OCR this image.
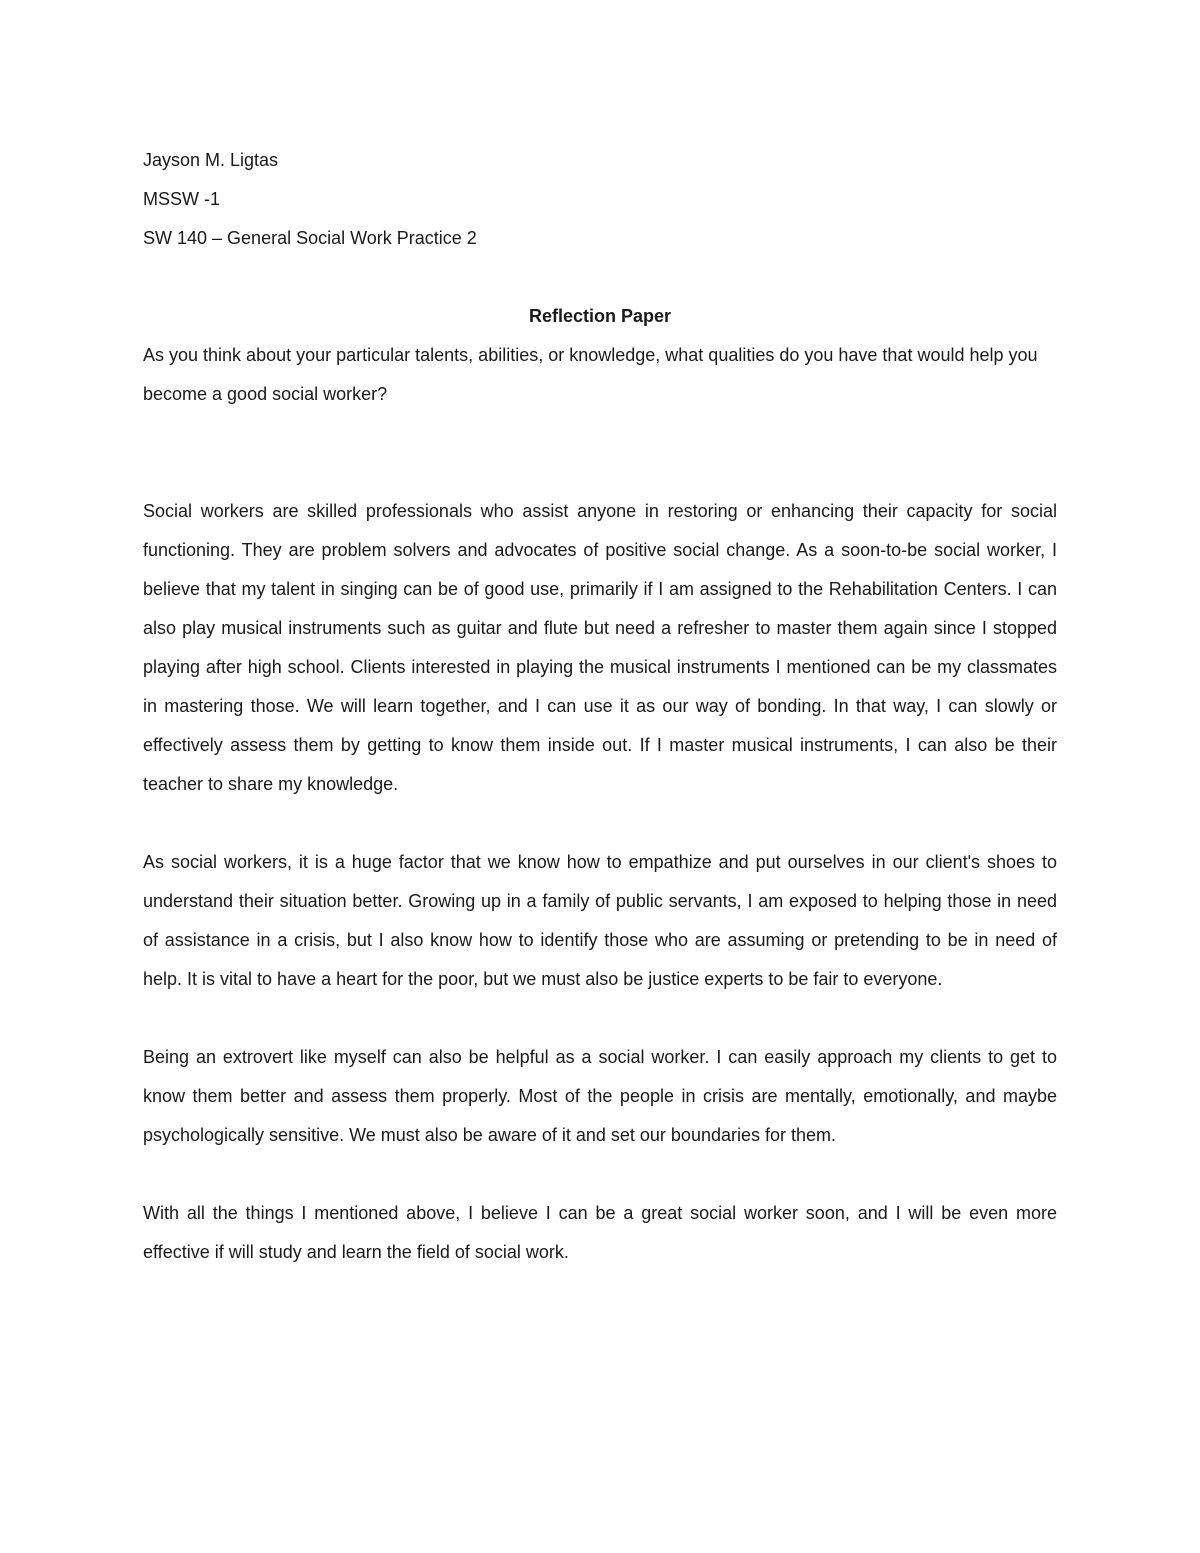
Jayson M. Ligtas

MSSW -1

SW 140 – General Social Work Practice 2

Reflection Paper

As you think about your particular talents, abilities, or knowledge, what qualities do you have that would help you become a good social worker?

Social workers are skilled professionals who assist anyone in restoring or enhancing their capacity for social functioning. They are problem solvers and advocates of positive social change. As a soon-to-be social worker, I believe that my talent in singing can be of good use, primarily if I am assigned to the Rehabilitation Centers. I can also play musical instruments such as guitar and flute but need a refresher to master them again since I stopped playing after high school. Clients interested in playing the musical instruments I mentioned can be my classmates in mastering those. We will learn together, and I can use it as our way of bonding. In that way, I can slowly or effectively assess them by getting to know them inside out. If I master musical instruments, I can also be their teacher to share my knowledge.

As social workers, it is a huge factor that we know how to empathize and put ourselves in our client's shoes to understand their situation better. Growing up in a family of public servants, I am exposed to helping those in need of assistance in a crisis, but I also know how to identify those who are assuming or pretending to be in need of help. It is vital to have a heart for the poor, but we must also be justice experts to be fair to everyone.

Being an extrovert like myself can also be helpful as a social worker. I can easily approach my clients to get to know them better and assess them properly. Most of the people in crisis are mentally, emotionally, and maybe psychologically sensitive. We must also be aware of it and set our boundaries for them.

With all the things I mentioned above, I believe I can be a great social worker soon, and I will be even more effective if will study and learn the field of social work.
